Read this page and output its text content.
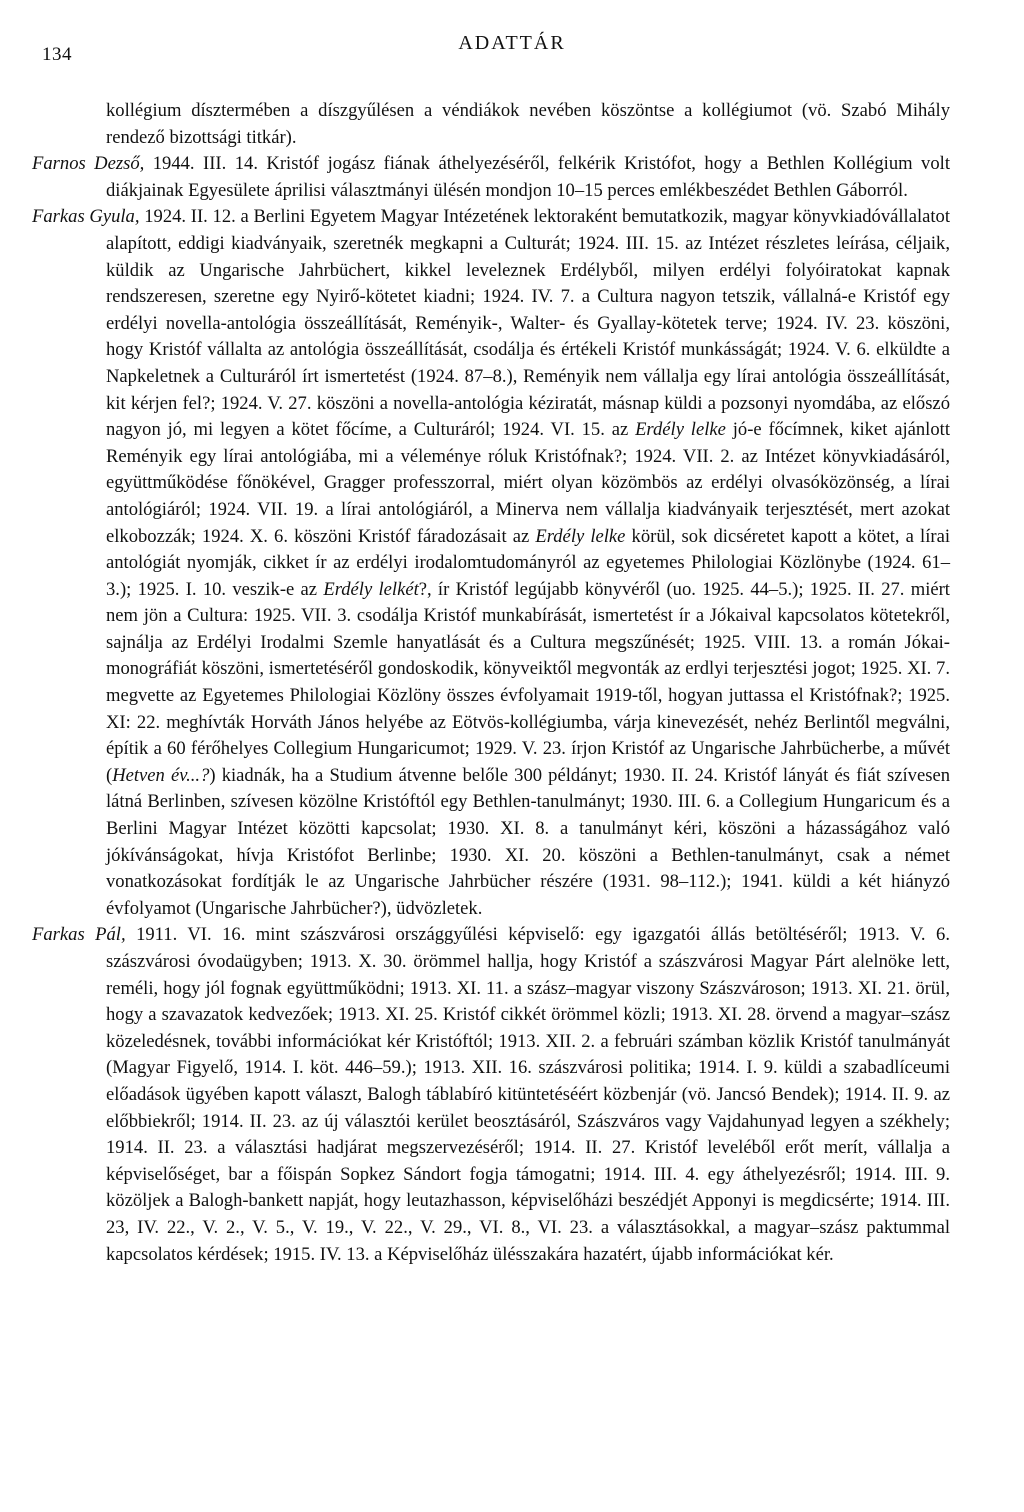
134
ADATTÁR

kollégium dísztermében a díszgyűlésen a véndiákok nevében köszöntse a kollégiumot (vö. Szabó Mihály rendező bizottsági titkár).

Farnos Dezső, 1944. III. 14. Kristóf jogász fiának áthelyezéséről, felkérik Kristófot, hogy a Bethlen Kollégium volt diákjainak Egyesülete áprilisi választmányi ülésén mondjon 10–15 perces emlékbeszédet Bethlen Gáborról.

Farkas Gyula, 1924. II. 12. a Berlini Egyetem Magyar Intézetének lektoraként bemutatkozik, magyar könyvkiadóvállalatot alapított, eddigi kiadványaik, szeretnék megkapni a Culturát; 1924. III. 15. az Intézet részletes leírása, céljaik, küldik az Ungarische Jahrbüchert, kikkel leveleznek Erdélyből, milyen erdélyi folyóiratokat kapnak rendszeresen, szeretne egy Nyirő-kötetet kiadni; 1924. IV. 7. a Cultura nagyon tetszik, vállalná-e Kristóf egy erdélyi novella-antológia összeállítását, Reményik-, Walter- és Gyallay-kötetek terve; 1924. IV. 23. köszöni, hogy Kristóf vállalta az antológia összeállítását, csodálja és értékeli Kristóf munkásságát; 1924. V. 6. elküldte a Napkeletnek a Culturáról írt ismertetést (1924. 87–8.), Reményik nem vállalja egy lírai antológia összeállítását, kit kérjen fel?; 1924. V. 27. köszöni a novella-antológia kéziratát, másnap küldi a pozsonyi nyomdába, az előszó nagyon jó, mi legyen a kötet főcíme, a Culturáról; 1924. VI. 15. az Erdély lelke jó-e főcímnek, kiket ajánlott Reményik egy lírai antológiába, mi a véleménye róluk Kristófnak?; 1924. VII. 2. az Intézet könyvkiadásáról, együttműködése főnökével, Gragger professzorral, miért olyan közömbös az erdélyi olvasóközönség, a lírai antológiáról; 1924. VII. 19. a lírai antológiáról, a Minerva nem vállalja kiadványaik terjesztését, mert azokat elkobozzák; 1924. X. 6. köszöni Kristóf fáradozásait az Erdély lelke körül, sok dicséretet kapott a kötet, a lírai antológiát nyomják, cikket ír az erdélyi irodalomtudományról az egyetemes Philologiai Közlönybe (1924. 61–3.); 1925. I. 10. veszik-e az Erdély lelkét?, ír Kristóf legújabb könyvéről (uo. 1925. 44–5.); 1925. II. 27. miért nem jön a Cultura: 1925. VII. 3. csodálja Kristóf munkabírását, ismertetést ír a Jókaival kapcsolatos kötetekről, sajnálja az Erdélyi Irodalmi Szemle hanyatlását és a Cultura megszűnését; 1925. VIII. 13. a román Jókai-monográfiát köszöni, ismertetéséről gondoskodik, könyveiktől megvonták az erdlyi terjesztési jogot; 1925. XI. 7. megvette az Egyetemes Philologiai Közlöny összes évfolyamait 1919-től, hogyan juttassa el Kristófnak?; 1925. XI: 22. meghívták Horváth János helyébe az Eötvös-kollégiumba, várja kinevezését, nehéz Berlintől megválni, építik a 60 férőhelyes Collegium Hungaricumot; 1929. V. 23. írjon Kristóf az Ungarische Jahrbücherbe, a művét (Hetven év...?) kiadnák, ha a Studium átvenne belőle 300 példányt; 1930. II. 24. Kristóf lányát és fiát szívesen látná Berlinben, szívesen közölne Kristóftól egy Bethlen-tanulmányt; 1930. III. 6. a Collegium Hungaricum és a Berlini Magyar Intézet közötti kapcsolat; 1930. XI. 8. a tanulmányt kéri, köszöni a házasságához való jókívánságokat, hívja Kristófot Berlinbe; 1930. XI. 20. köszöni a Bethlen-tanulmányt, csak a német vonatkozásokat fordítják le az Ungarische Jahrbücher részére (1931. 98–112.); 1941. küldi a két hiányzó évfolyamot (Ungarische Jahrbücher?), üdvözletek.

Farkas Pál, 1911. VI. 16. mint szászvárosi országgyűlési képviselő: egy igazgatói állás betöltéséről; 1913. V. 6. szászvárosi óvodaügyben; 1913. X. 30. örömmel hallja, hogy Kristóf a szászvárosi Magyar Párt alelnöke lett, reméli, hogy jól fognak együttműködni; 1913. XI. 11. a szász–magyar viszony Szászvároson; 1913. XI. 21. örül, hogy a szavazatok kedvezőek; 1913. XI. 25. Kristóf cikkét örömmel közli; 1913. XI. 28. örvend a magyar–szász közeledésnek, további információkat kér Kristóftól; 1913. XII. 2. a februári számban közlik Kristóf tanulmányát (Magyar Figyelő, 1914. I. köt. 446–59.); 1913. XII. 16. szászvárosi politika; 1914. I. 9. küldi a szabadlíceumi előadások ügyében kapott választ, Balogh táblabíró kitüntetéséért közbenjár (vö. Jancsó Bendek); 1914. II. 9. az előbbiekről; 1914. II. 23. az új választói kerület beosztásáról, Szászváros vagy Vajdahunyad legyen a székhely; 1914. II. 23. a választási hadjárat megszervezéséről; 1914. II. 27. Kristóf leveléből erőt merít, vállalja a képviselőséget, bar a főispán Sopkez Sándort fogja támogatni; 1914. III. 4. egy áthelyezésről; 1914. III. 9. közöljek a Balogh-bankett napját, hogy leutazhasson, képviselőházi beszédjét Apponyi is megdicsérte; 1914. III. 23, IV. 22., V. 2., V. 5., V. 19., V. 22., V. 29., VI. 8., VI. 23. a választásokkal, a magyar–szász paktummal kapcsolatos kérdések; 1915. IV. 13. a Képviselőház ülésszakára hazatért, újabb információkat kér.
